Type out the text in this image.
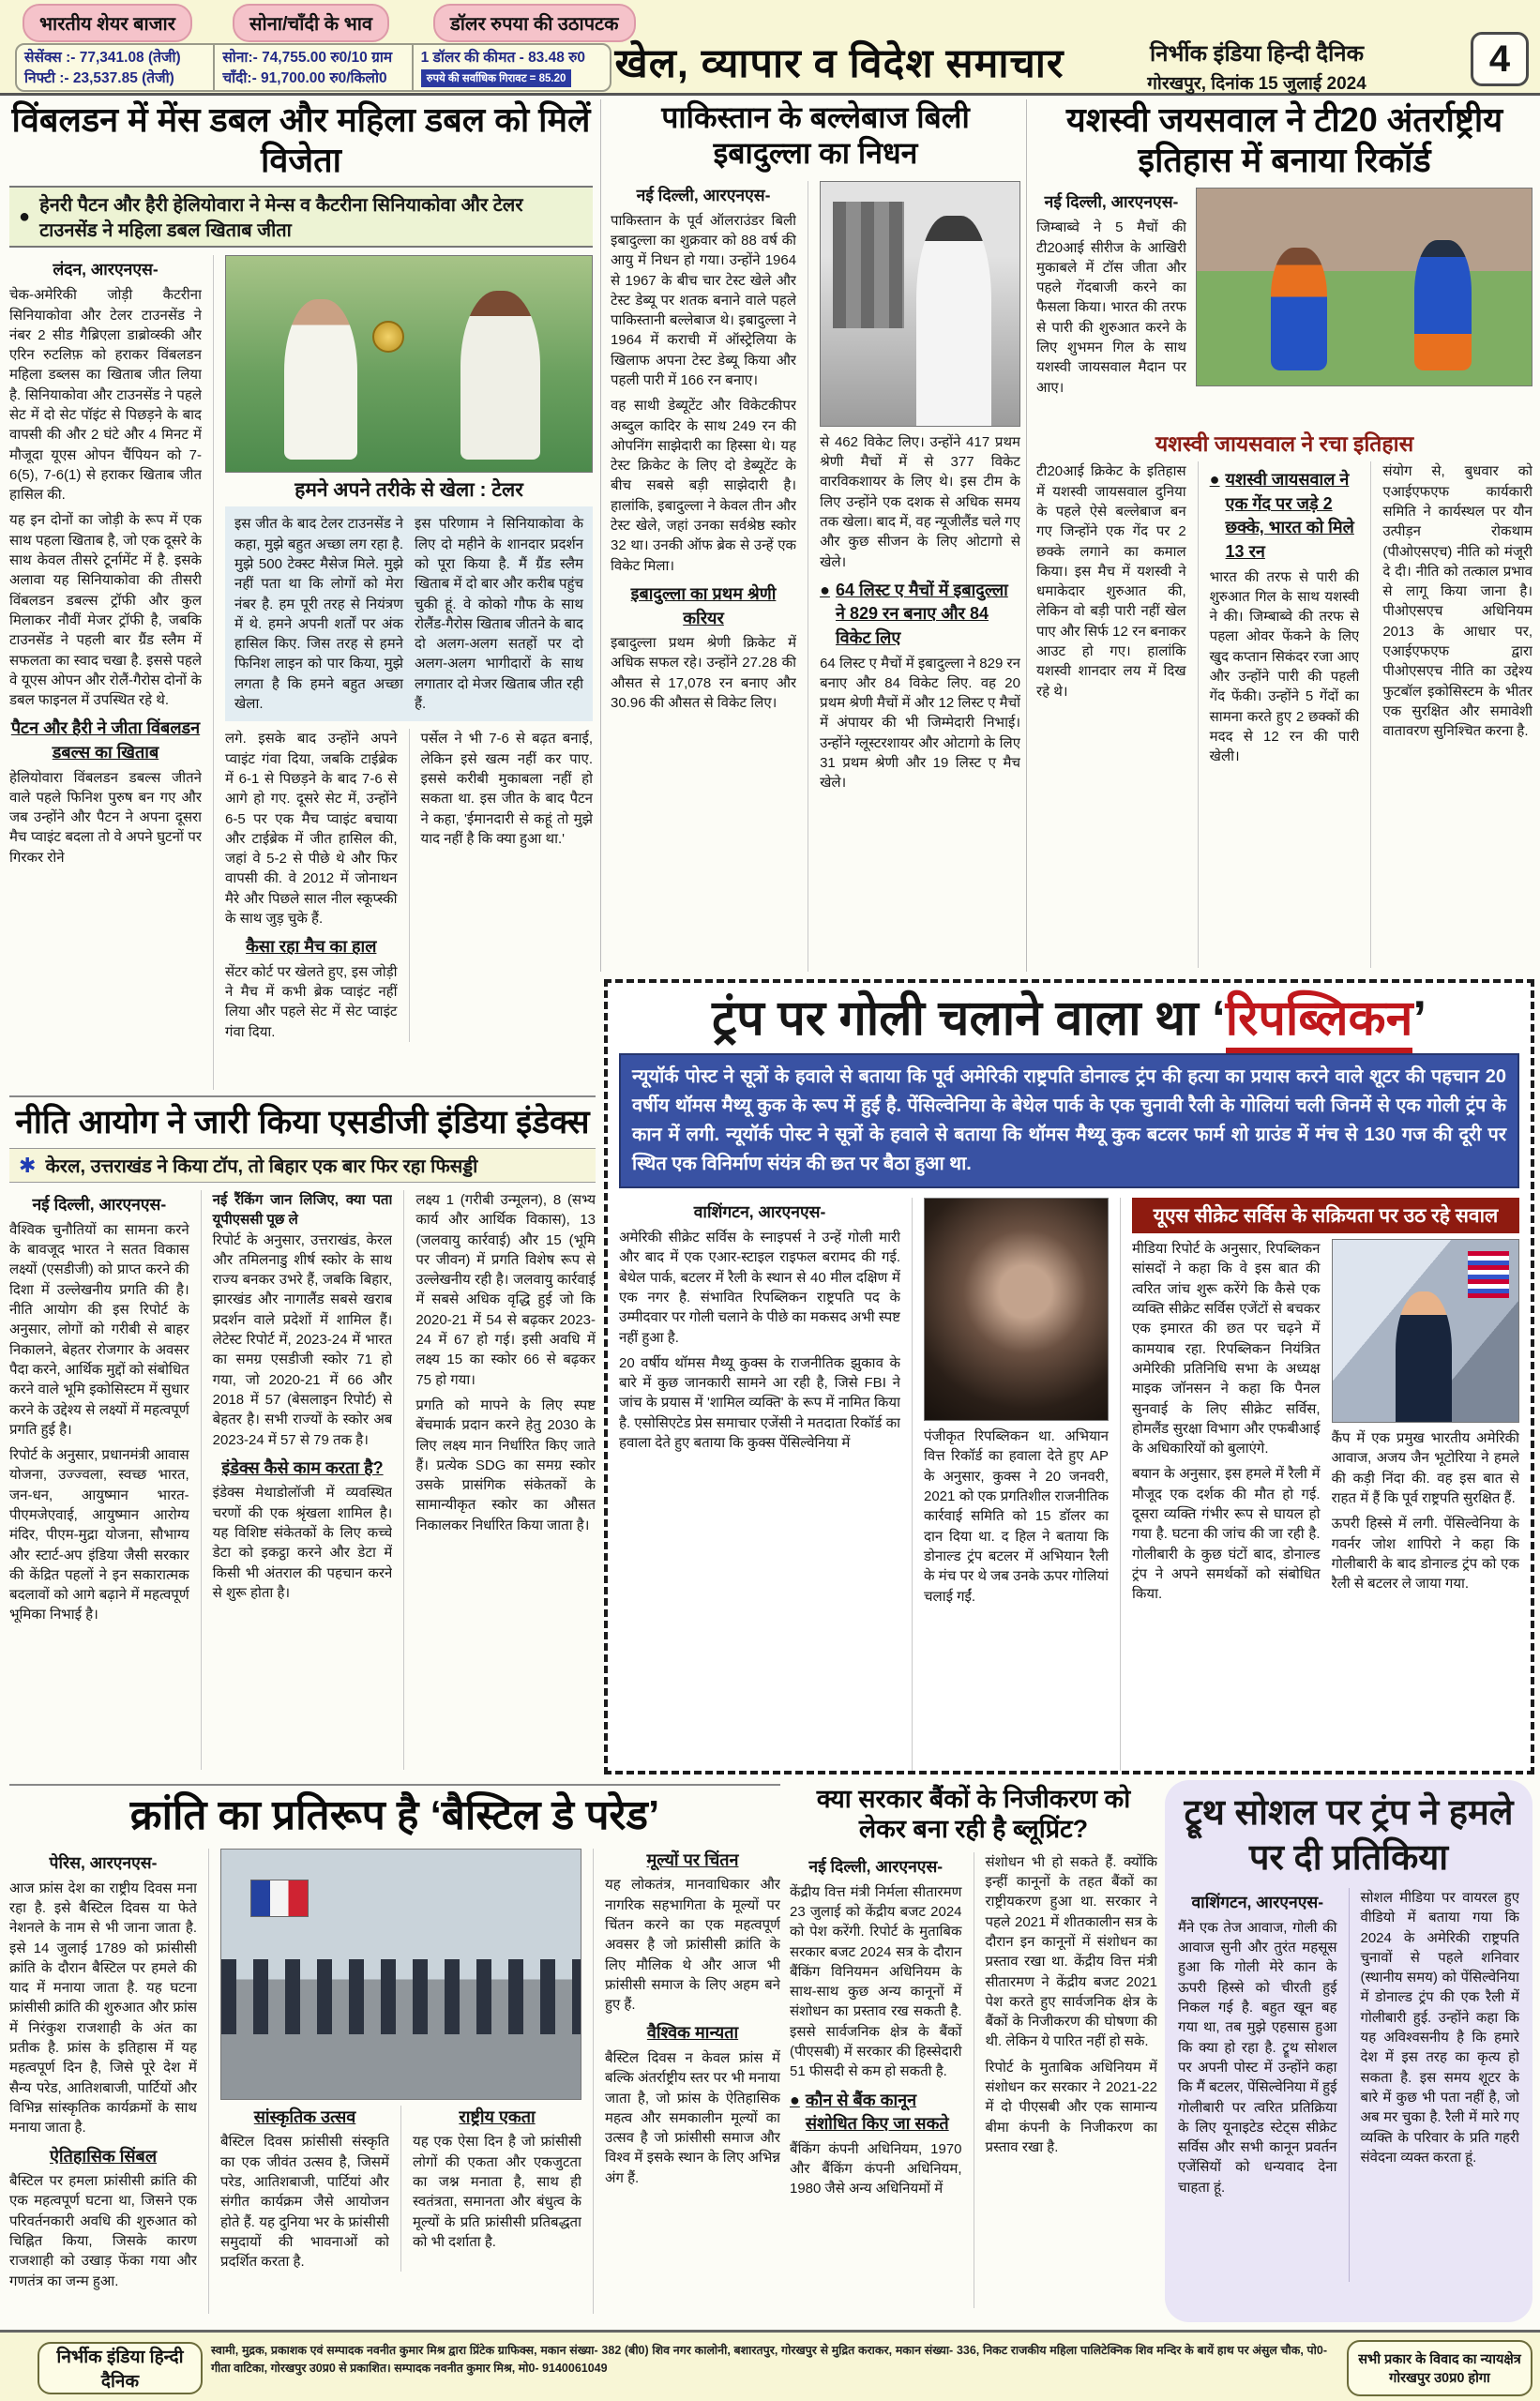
सेसेंक्स :- 77,341.08 (तेजी)
निफ्टी :- 23,537.85 (तेजी)
सोना:- 74,755.00 रु0/10 ग्राम
चाँदी:- 91,700.00 रु0/किलो0
1 डॉलर की कीमत - 83.48 रु0
रुपये की सर्वाधिक गिरावट = 85.20
भारतीय शेयर बाजार	सोना/चाँदी के भाव	डॉलर रुपया की उठापटक
खेल, व्यापार व विदेश समाचार	निर्भीक इंडिया हिन्दी दैनिक
गोरखपुर, दिनांक 15 जुलाई 2024
4
विंबलडन में मेंस डबल और महिला डबल को मिलें विजेता
●
हेनरी पैटन और हैरी हेलियोवारा ने मेन्स व कैटरीना सिनियाकोवा और टेलर टाउनसेंड ने महिला डबल खिताब जीता
लंदन, आरएनएस-

चेक-अमेरिकी जोड़ी कैटरीना सिनियाकोवा और टेलर टाउनसेंड ने नंबर 2 सीड गैब्रिएला डाब्रोव्स्की और एरिन रुटलिफ़ को हराकर विंबलडन महिला डब्लस का खिताब जीत लिया है. सिनियाकोवा और टाउनसेंड ने पहले सेट में दो सेट पॉइंट से पिछड़ने के बाद वापसी की और 2 घंटे और 4 मिनट में मौजूदा यूएस ओपन चैंपियन को 7-6(5), 7-6(1) से हराकर खिताब जीत हासिल की.

यह इन दोनों का जोड़ी के रूप में एक साथ पहला खिताब है, जो एक दूसरे के साथ केवल तीसरे टूर्नामेंट में है. इसके अलावा यह सिनियाकोवा की तीसरी विंबलडन डबल्स ट्रॉफी और कुल मिलाकर नौवीं मेजर ट्रॉफी है, जबकि टाउनसेंड ने पहली बार ग्रैंड स्लैम में सफलता का स्वाद चखा है. इससे पहले वे यूएस ओपन और रोलैं-गैरोस दोनों के डबल फाइनल में उपस्थित रहे थे.

पैटन और हैरी ने जीता विंबलडन डबल्स का खिताब

हेलियोवारा विंबलडन डबल्स जीतने वाले पहले फिनिश पुरुष बन गए और जब उन्होंने और पैटन ने अपना दूसरा मैच प्वाइंट बदला तो वे अपने घुटनों पर गिरकर रोने

हमने अपने तरीके से खेला : टेलर

इस जीत के बाद टेलर टाउनसेंड ने कहा, मुझे बहुत अच्छा लग रहा है. मुझे 500 टेक्स्ट मैसेज मिले. मुझे नहीं पता था कि लोगों को मेरा नंबर है. हम पूरी तरह से नियंत्रण में थे. हमने अपनी शर्तों पर अंक हासिल किए. जिस तरह से हमने फिनिश लाइन को पार किया, मुझे लगता है कि हमने बहुत अच्छा खेला.

इस परिणाम ने सिनियाकोवा के लिए दो महीने के शानदार प्रदर्शन को पूरा किया है. मैं ग्रैंड स्लैम खिताब में दो बार और करीब पहुंच चुकी हूं. वे कोको गौफ के साथ रोलैंड-गैरोस खिताब जीतने के बाद दो अलग-अलग सतहों पर दो अलग-अलग भागीदारों के साथ लगातार दो मेजर खिताब जीत रही हैं.

लगे. इसके बाद उन्होंने अपने प्वाइंट गंवा दिया, जबकि टाईब्रेक में 6-1 से पिछड़ने के बाद 7-6 से आगे हो गए. दूसरे सेट में, उन्होंने 6-5 पर एक मैच प्वाइंट बचाया और टाईब्रेक में जीत हासिल की, जहां वे 5-2 से पीछे थे और फिर वापसी की. वे 2012 में जोनाथन मैरे और पिछले साल नील स्कूप्स्की के साथ जुड़ चुके हैं.

कैसा रहा मैच का हाल

सेंटर कोर्ट पर खेलते हुए, इस जोड़ी ने मैच में कभी ब्रेक प्वाइंट नहीं लिया और पहले सेट में सेट प्वाइंट गंवा दिया.

पर्सेल ने भी 7-6 से बढ़त बनाई, लेकिन इसे खत्म नहीं कर पाए. इससे करीबी मुकाबला नहीं हो सकता था. इस जीत के बाद पैटन ने कहा, 'ईमानदारी से कहूं तो मुझे याद नहीं है कि क्या हुआ था.'

पाकिस्तान के बल्लेबाज बिली इबादुल्ला का निधन
नई दिल्ली, आरएनएस-

पाकिस्तान के पूर्व ऑलराउंडर बिली इबादुल्ला का शुक्रवार को 88 वर्ष की आयु में निधन हो गया। उन्होंने 1964 से 1967 के बीच चार टेस्ट खेले और टेस्ट डेब्यू पर शतक बनाने वाले पहले पाकिस्तानी बल्लेबाज थे। इबादुल्ला ने 1964 में कराची में ऑस्ट्रेलिया के खिलाफ अपना टेस्ट डेब्यू किया और पहली पारी में 166 रन बनाए।

वह साथी डेब्यूटेंट और विकेटकीपर अब्दुल कादिर के साथ 249 रन की ओपनिंग साझेदारी का हिस्सा थे। यह टेस्ट क्रिकेट के लिए दो डेब्यूटेंट के बीच सबसे बड़ी साझेदारी है। हालांकि, इबादुल्ला ने केवल तीन और टेस्ट खेले, जहां उनका सर्वश्रेष्ठ स्कोर 32 था। उनकी ऑफ ब्रेक से उन्हें एक विकेट मिला।

इबादुल्ला का प्रथम श्रेणी करियर

इबादुल्ला प्रथम श्रेणी क्रिकेट में अधिक सफल रहे। उन्होंने 27.28 की औसत से 17,078 रन बनाए और 30.96 की औसत से विकेट लिए।

से 462 विकेट लिए। उन्होंने 417 प्रथम श्रेणी मैचों में से 377 विकेट वारविकशायर के लिए थे। इस टीम के लिए उन्होंने एक दशक से अधिक समय तक खेला। बाद में, वह न्यूजीलैंड चले गए और कुछ सीजन के लिए ओटागो से खेले।

● 64 लिस्ट ए मैचों में इबादुल्ला ने 829 रन बनाए और 84 विकेट लिए

64 लिस्ट ए मैचों में इबादुल्ला ने 829 रन बनाए और 84 विकेट लिए. वह 20 प्रथम श्रेणी मैचों में और 12 लिस्ट ए मैचों में अंपायर की भी जिम्मेदारी निभाई। उन्होंने ग्लूस्टरशायर और ओटागो के लिए 31 प्रथम श्रेणी और 19 लिस्ट ए मैच खेले।

यशस्वी जयसवाल ने टी20 अंतर्राष्ट्रीय इतिहास में बनाया रिकॉर्ड
नई दिल्ली, आरएनएस-

जिम्बाब्वे ने 5 मैचों की टी20आई सीरीज के आखिरी मुकाबले में टॉस जीता और पहले गेंदबाजी करने का फैसला किया। भारत की तरफ से पारी की शुरुआत करने के लिए शुभमन गिल के साथ यशस्वी जायसवाल मैदान पर आए।

यशस्वी जायसवाल ने रचा इतिहास

टी20आई क्रिकेट के इतिहास में यशस्वी जायसवाल दुनिया के पहले ऐसे बल्लेबाज बन गए जिन्होंने एक गेंद पर 2 छक्के लगाने का कमाल किया। इस मैच में यशस्वी ने धमाकेदार शुरुआत की, लेकिन वो बड़ी पारी नहीं खेल पाए और सिर्फ 12 रन बनाकर आउट हो गए। हालांकि यशस्वी शानदार लय में दिख रहे थे।

● यशस्वी जायसवाल ने एक गेंद पर जड़े 2 छक्के, भारत को मिले 13 रन

भारत की तरफ से पारी की शुरुआत गिल के साथ यशस्वी ने की। जिम्बाब्वे की तरफ से पहला ओवर फेंकने के लिए खुद कप्तान सिकंदर रजा आए और उन्होंने पारी की पहली गेंद फेंकी। उन्होंने 5 गेंदों का सामना करते हुए 2 छक्कों की मदद से 12 रन की पारी खेली।

संयोग से, बुधवार को एआईएफएफ कार्यकारी समिति ने कार्यस्थल पर यौन उत्पीड़न रोकथाम (पीओएसएच) नीति को मंजूरी दे दी। नीति को तत्काल प्रभाव से लागू किया जाना है। पीओएसएच अधिनियम 2013 के आधार पर, एआईएफएफ द्वारा पीओएसएच नीति का उद्देश्य फुटबॉल इकोसिस्टम के भीतर एक सुरक्षित और समावेशी वातावरण सुनिश्चित करना है.

नीति आयोग ने जारी किया एसडीजी इंडिया इंडेक्स
✱ केरल, उत्तराखंड ने किया टॉप, तो बिहार एक बार फिर रहा फिसड्डी
नई दिल्ली, आरएनएस-

वैश्विक चुनौतियों का सामना करने के बावजूद भारत ने सतत विकास लक्ष्यों (एसडीजी) को प्राप्त करने की दिशा में उल्लेखनीय प्रगति की है। नीति आयोग की इस रिपोर्ट के अनुसार, लोगों को गरीबी से बाहर निकालने, बेहतर रोजगार के अवसर पैदा करने, आर्थिक मुद्दों को संबोधित करने वाले भूमि इकोसिस्टम में सुधार करने के उद्देश्य से लक्ष्यों में महत्वपूर्ण प्रगति हुई है।

रिपोर्ट के अनुसार, प्रधानमंत्री आवास योजना, उज्ज्वला, स्वच्छ भारत, जन-धन, आयुष्मान भारत-पीएमजेएवाई, आयुष्मान आरोग्य मंदिर, पीएम-मुद्रा योजना, सौभाग्य और स्टार्ट-अप इंडिया जैसी सरकार की केंद्रित पहलों ने इन सकारात्मक बदलावों को आगे बढ़ाने में महत्वपूर्ण भूमिका निभाई है।

नई रैंकिंग जान लिजिए, क्या पता यूपीएससी पूछ ले

रिपोर्ट के अनुसार, उत्तराखंड, केरल और तमिलनाडु शीर्ष स्कोर के साथ राज्य बनकर उभरे हैं, जबकि बिहार, झारखंड और नागालैंड सबसे खराब प्रदर्शन वाले प्रदेशों में शामिल हैं। लेटेस्ट रिपोर्ट में, 2023-24 में भारत का समग्र एसडीजी स्कोर 71 हो गया, जो 2020-21 में 66 और 2018 में 57 (बेसलाइन रिपोर्ट) से बेहतर है। सभी राज्यों के स्कोर अब 2023-24 में 57 से 79 तक है।

इंडेक्स कैसे काम करता है?

इंडेक्स मेथाडोलॉजी में व्यवस्थित चरणों की एक श्रृंखला शामिल है। यह विशिष्ट संकेतकों के लिए कच्चे डेटा को इकट्ठा करने और डेटा में किसी भी अंतराल की पहचान करने से शुरू होता है।

लक्ष्य 1 (गरीबी उन्मूलन), 8 (सभ्य कार्य और आर्थिक विकास), 13 (जलवायु कार्रवाई) और 15 (भूमि पर जीवन) में प्रगति विशेष रूप से उल्लेखनीय रही है। जलवायु कार्रवाई में सबसे अधिक वृद्धि हुई जो कि 2020-21 में 54 से बढ़कर 2023-24 में 67 हो गई। इसी अवधि में लक्ष्य 15 का स्कोर 66 से बढ़कर 75 हो गया।

प्रगति को मापने के लिए स्पष्ट बेंचमार्क प्रदान करने हेतु 2030 के लिए लक्ष्य मान निर्धारित किए जाते हैं। प्रत्येक SDG का समग्र स्कोर उसके प्रासंगिक संकेतकों के सामान्यीकृत स्कोर का औसत निकालकर निर्धारित किया जाता है।

ट्रंप पर गोली चलाने वाला था ‘रिपब्लिकन’

न्यूयॉर्क पोस्ट ने सूत्रों के हवाले से बताया कि पूर्व अमेरिकी राष्ट्रपति डोनाल्ड ट्रंप की हत्या का प्रयास करने वाले शूटर की पहचान 20 वर्षीय थॉमस मैथ्यू कुक के रूप में हुई है. पेंसिल्वेनिया के बेथेल पार्क के एक चुनावी रैली के गोलियां चली जिनमें से एक गोली ट्रंप के कान में लगी. न्यूयॉर्क पोस्ट ने सूत्रों के हवाले से बताया कि थॉमस मैथ्यू कुक बटलर फार्म शो ग्राउंड में मंच से 130 गज की दूरी पर स्थित एक विनिर्माण संयंत्र की छत पर बैठा हुआ था.

वाशिंगटन, आरएनएस-

अमेरिकी सीक्रेट सर्विस के स्नाइपर्स ने उन्हें गोली मारी और बाद में एक एआर-स्टाइल राइफल बरामद की गई. बेथेल पार्क, बटलर में रैली के स्थान से 40 मील दक्षिण में एक नगर है. संभावित रिपब्लिकन राष्ट्रपति पद के उम्मीदवार पर गोली चलाने के पीछे का मकसद अभी स्पष्ट नहीं हुआ है.

20 वर्षीय थॉमस मैथ्यू कुक्स के राजनीतिक झुकाव के बारे में कुछ जानकारी सामने आ रही है, जिसे FBI ने जांच के प्रयास में 'शामिल व्यक्ति' के रूप में नामित किया है. एसोसिएटेड प्रेस समाचार एजेंसी ने मतदाता रिकॉर्ड का हवाला देते हुए बताया कि कुक्स पेंसिल्वेनिया में	पंजीकृत रिपब्लिकन था. अभियान वित्त रिकॉर्ड का हवाला देते हुए AP के अनुसार, कुक्स ने 20 जनवरी, 2021 को एक प्रगतिशील राजनीतिक कार्रवाई समिति को 15 डॉलर का दान दिया था. द हिल ने बताया कि डोनाल्ड ट्रंप बटलर में अभियान रैली के मंच पर थे जब उनके ऊपर गोलियां चलाई गईं.

यूएस सीक्रेट सर्विस के सक्रियता पर उठ रहे सवाल

मीडिया रिपोर्ट के अनुसार, रिपब्लिकन सांसदों ने कहा कि वे इस बात की त्वरित जांच शुरू करेंगे कि कैसे एक व्यक्ति सीक्रेट सर्विस एजेंटों से बचकर एक इमारत की छत पर चढ़ने में कामयाब रहा. रिपब्लिकन नियंत्रित अमेरिकी प्रतिनिधि सभा के अध्यक्ष माइक जॉनसन ने कहा कि पैनल सुनवाई के लिए सीक्रेट सर्विस, होमलैंड सुरक्षा विभाग और एफबीआई के अधिकारियों को बुलाएंगे.

बयान के अनुसार, इस हमले में रैली में मौजूद एक दर्शक की मौत हो गई. दूसरा व्यक्ति गंभीर रूप से घायल हो गया है. घटना की जांच की जा रही है. गोलीबारी के कुछ घंटों बाद, डोनाल्ड ट्रंप ने अपने समर्थकों को संबोधित किया.

कैंप में एक प्रमुख भारतीय अमेरिकी आवाज, अजय जैन भूटोरिया ने हमले की कड़ी निंदा की. वह इस बात से राहत में हैं कि पूर्व राष्ट्रपति सुरक्षित हैं.

ऊपरी हिस्से में लगी. पेंसिल्वेनिया के गवर्नर जोश शापिरो ने कहा कि गोलीबारी के बाद डोनाल्ड ट्रंप को एक रैली से बटलर ले जाया गया.

क्रांति का प्रतिरूप है ‘बैस्टिल डे परेड’
पेरिस, आरएनएस-

आज फ्रांस देश का राष्ट्रीय दिवस मना रहा है. इसे बैस्टिल दिवस या फेते नेशनले के नाम से भी जाना जाता है. इसे 14 जुलाई 1789 को फ्रांसीसी क्रांति के दौरान बैस्टिल पर हमले की याद में मनाया जाता है. यह घटना फ्रांसीसी क्रांति की शुरुआत और फ्रांस में निरंकुश राजशाही के अंत का प्रतीक है. फ्रांस के इतिहास में यह महत्वपूर्ण दिन है, जिसे पूरे देश में सैन्य परेड, आतिशबाजी, पार्टियों और विभिन्न सांस्कृतिक कार्यक्रमों के साथ मनाया जाता है.

ऐतिहासिक सिंबल

बैस्टिल पर हमला फ्रांसीसी क्रांति की एक महत्वपूर्ण घटना था, जिसने एक परिवर्तनकारी अवधि की शुरुआत को चिह्नित किया, जिसके कारण राजशाही को उखाड़ फेंका गया और गणतंत्र का जन्म हुआ.

सांस्कृतिक उत्सव

बैस्टिल दिवस फ्रांसीसी संस्कृति का एक जीवंत उत्सव है, जिसमें परेड, आतिशबाजी, पार्टियां और संगीत कार्यक्रम जैसे आयोजन होते हैं. यह दुनिया भर के फ्रांसीसी समुदायों की भावनाओं को प्रदर्शित करता है.

राष्ट्रीय एकता

यह एक ऐसा दिन है जो फ्रांसीसी लोगों की एकता और एकजुटता का जश्न मनाता है, साथ ही स्वतंत्रता, समानता और बंधुत्व के मूल्यों के प्रति फ्रांसीसी प्रतिबद्धता को भी दर्शाता है.

मूल्यों पर चिंतन

यह लोकतंत्र, मानवाधिकार और नागरिक सहभागिता के मूल्यों पर चिंतन करने का एक महत्वपूर्ण अवसर है जो फ्रांसीसी क्रांति के लिए मौलिक थे और आज भी फ्रांसीसी समाज के लिए अहम बने हुए हैं.

वैश्विक मान्यता

बैस्टिल दिवस न केवल फ्रांस में बल्कि अंतर्राष्ट्रीय स्तर पर भी मनाया जाता है, जो फ्रांस के ऐतिहासिक महत्व और समकालीन मूल्यों का उत्सव है जो फ्रांसीसी समाज और विश्व में इसके स्थान के लिए अभिन्न अंग हैं.

क्या सरकार बैंकों के निजीकरण को लेकर बना रही है ब्लूप्रिंट?
नई दिल्ली, आरएनएस-

केंद्रीय वित्त मंत्री निर्मला सीतारमण 23 जुलाई को केंद्रीय बजट 2024 को पेश करेंगी. रिपोर्ट के मुताबिक सरकार बजट 2024 सत्र के दौरान बैंकिंग विनियमन अधिनियम के साथ-साथ कुछ अन्य कानूनों में संशोधन का प्रस्ताव रख सकती है. इससे सार्वजनिक क्षेत्र के बैंकों (पीएसबी) में सरकार की हिस्सेदारी 51 फीसदी से कम हो सकती है.

● कौन से बैंक कानून संशोधित किए जा सकते

बैंकिंग कंपनी अधिनियम, 1970 और बैंकिंग कंपनी अधिनियम, 1980 जैसे अन्य अधिनियमों में

संशोधन भी हो सकते हैं. क्योंकि इन्हीं कानूनों के तहत बैंकों का राष्ट्रीयकरण हुआ था. सरकार ने पहले 2021 में शीतकालीन सत्र के दौरान इन कानूनों में संशोधन का प्रस्ताव रखा था. केंद्रीय वित्त मंत्री सीतारमण ने केंद्रीय बजट 2021 पेश करते हुए सार्वजनिक क्षेत्र के बैंकों के निजीकरण की घोषणा की थी. लेकिन ये पारित नहीं हो सके.

रिपोर्ट के मुताबिक अधिनियम में संशोधन कर सरकार ने 2021-22 में दो पीएसबी और एक सामान्य बीमा कंपनी के निजीकरण का प्रस्ताव रखा है.

ट्रूथ सोशल पर ट्रंप ने हमले पर दी प्रतिकिया
वाशिंगटन, आरएनएस-

मैंने एक तेज आवाज, गोली की आवाज सुनी और तुरंत महसूस हुआ कि गोली मेरे कान के ऊपरी हिस्से को चीरती हुई निकल गई है. बहुत खून बह गया था, तब मुझे एहसास हुआ कि क्या हो रहा है. ट्रूथ सोशल पर अपनी पोस्ट में उन्होंने कहा कि मैं बटलर, पेंसिल्वेनिया में हुई गोलीबारी पर त्वरित प्रतिक्रिया के लिए यूनाइटेड स्टेट्स सीक्रेट सर्विस और सभी कानून प्रवर्तन एजेंसियों को धन्यवाद देना चाहता हूं.

सोशल मीडिया पर वायरल हुए वीडियो में बताया गया कि 2024 के अमेरिकी राष्ट्रपति चुनावों से पहले शनिवार (स्थानीय समय) को पेंसिल्वेनिया में डोनाल्ड ट्रंप की एक रैली में गोलीबारी हुई. उन्होंने कहा कि यह अविश्वसनीय है कि हमारे देश में इस तरह का कृत्य हो सकता है. इस समय शूटर के बारे में कुछ भी पता नहीं है, जो अब मर चुका है. रैली में मारे गए व्यक्ति के परिवार के प्रति गहरी संवेदना व्यक्त करता हूं.

निर्भीक इंडिया हिन्दी दैनिक
स्वामी, मुद्रक, प्रकाशक एवं सम्पादक नवनीत कुमार मिश्र द्वारा प्रिंटेक ग्राफिक्स, मकान संख्या- 382 (बी0) शिव नगर कालोनी, बशारतपुर, गोरखपुर से मुद्रित कराकर, मकान संख्या- 336, निकट राजकीय महिला पालिटेक्निक शिव मन्दिर के बायें हाथ पर अंसुल चौक, पो0-गीता वाटिका, गोरखपुर उ0प्र0 से प्रकाशित। सम्पादक नवनीत कुमार मिश्र, मो0- 9140061049
सभी प्रकार के विवाद का न्यायक्षेत्र गोरखपुर उ0प्र0 होगा
